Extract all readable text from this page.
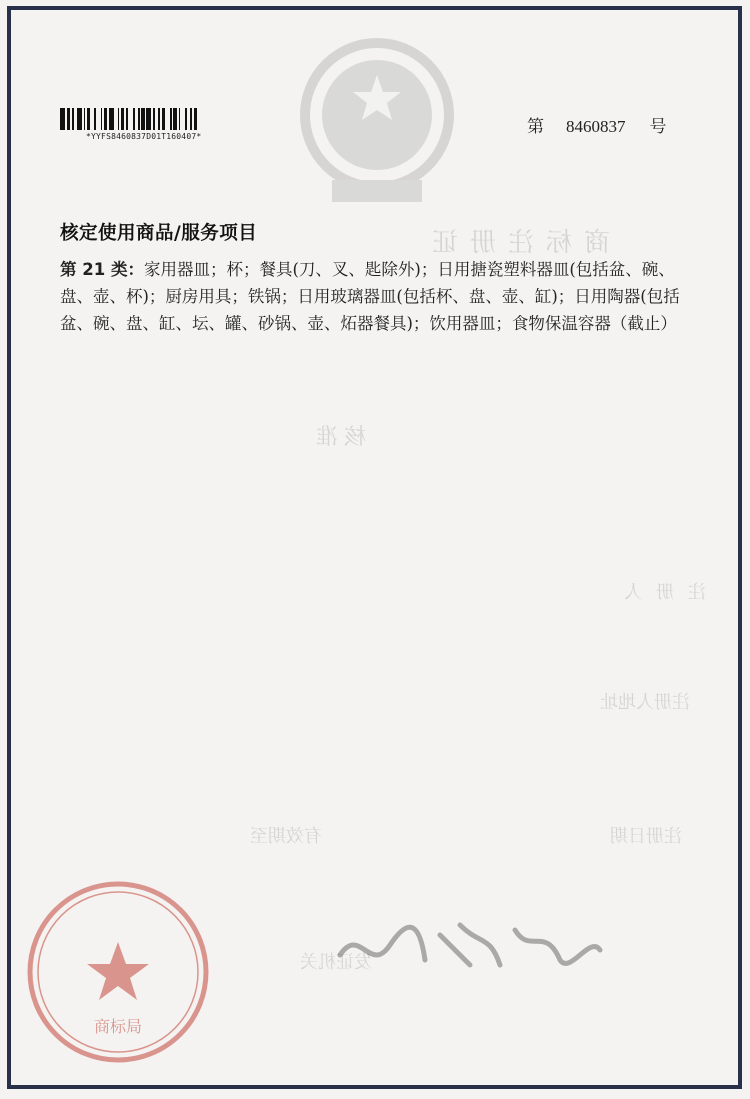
*YYFS8460837D01T160407*	第 8460837 号
商标注册证
核准
注册人
注册人地址
注册日期
有效期至
发证机关
核定使用商品/服务项目
第 21 类：家用器皿；杯；餐具(刀、叉、匙除外)；日用搪瓷塑料器皿(包括盆、碗、盘、壶、杯)；厨房用具；铁锅；日用玻璃器皿(包括杯、盘、壶、缸)；日用陶器(包括盆、碗、盘、缸、坛、罐、砂锅、壶、炻器餐具)；饮用器皿；食物保温容器（截止）
商标局
